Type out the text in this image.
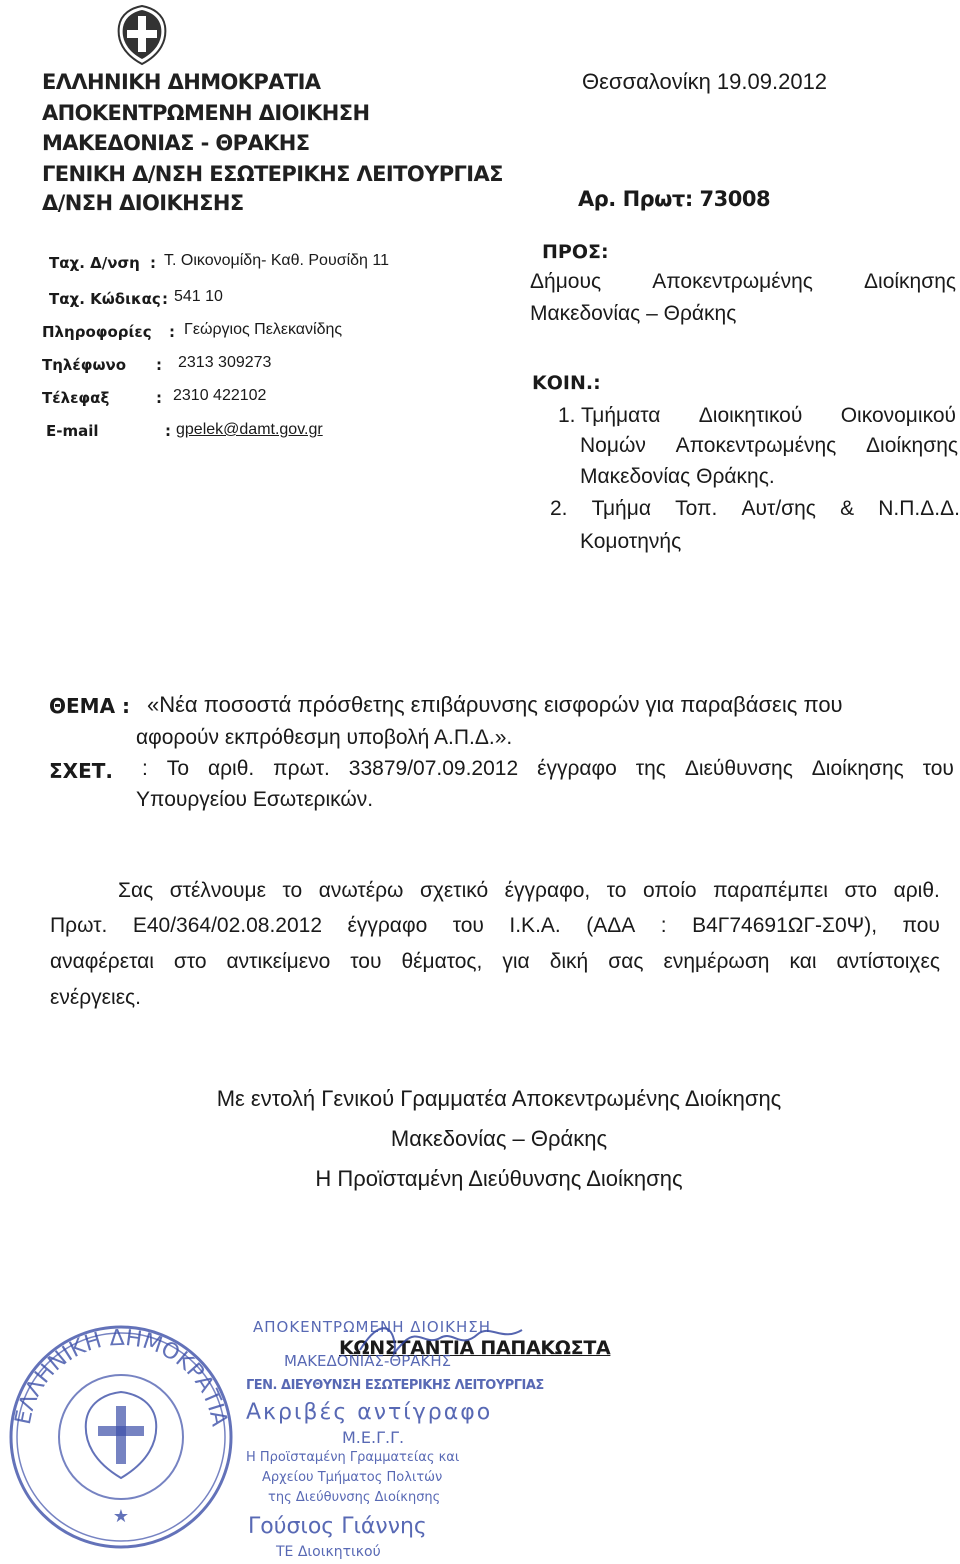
ΕΛΛΗΝΙΚΗ ΔΗΜΟΚΡΑΤΙΑ
ΑΠΟΚΕΝΤΡΩΜΕΝΗ ΔΙΟΙΚΗΣΗ
ΜΑΚΕΔΟΝΙΑΣ - ΘΡΑΚΗΣ
ΓΕΝΙΚΗ Δ/ΝΣΗ ΕΣΩΤΕΡΙΚΗΣ ΛΕΙΤΟΥΡΓΙΑΣ
Δ/ΝΣΗ ΔΙΟΙΚΗΣΗΣ
Θεσσαλονίκη 19.09.2012
Αρ. Πρωτ: 73008
Ταχ. Δ/νση : Τ. Οικονομίδη- Καθ. Ρουσίδη 11
Ταχ. Κώδικας : 541 10
Πληροφορίες : Γεώργιος Πελεκανίδης
Τηλέφωνο : 2313 309273
Τέλεφαξ	: 2310 422102
E-mail	: gpelek@damt.gov.gr
ΠΡΟΣ:
Δήμους Αποκεντρωμένης Διοίκησης
Μακεδονίας – Θράκης
ΚΟΙΝ.:
1. Τμήματα Διοικητικού Οικονομικού
Νομών Αποκεντρωμένης Διοίκησης
Μακεδονίας Θράκης.
2. Τμήμα Τοπ. Αυτ/σης & Ν.Π.Δ.Δ.
Κομοτηνής
ΘΕΜΑ : «Νέα ποσοστά πρόσθετης επιβάρυνσης εισφορών για παραβάσεις που
αφορούν εκπρόθεσμη υποβολή Α.Π.Δ.».
ΣΧΕΤ. : Το αριθ. πρωτ. 33879/07.09.2012 έγγραφο της Διεύθυνσης Διοίκησης του
Υπουργείου Εσωτερικών.
Σας στέλνουμε το ανωτέρω σχετικό έγγραφο, το οποίο παραπέμπει στο αριθ.
Πρωτ. Ε40/364/02.08.2012 έγγραφο του Ι.Κ.Α. (ΑΔΑ : Β4Γ74691ΩΓ-Σ0Ψ), που
αναφέρεται στο αντικείμενο του θέματος, για δική σας ενημέρωση και αντίστοιχες
ενέργειες.
Με εντολή Γενικού Γραμματέα Αποκεντρωμένης Διοίκησης
Μακεδονίας – Θράκης
Η Προϊσταμένη Διεύθυνσης Διοίκησης
ΚΩΝΣΤΑΝΤΙΑ ΠΑΠΑΚΩΣΤΑ
ΕΛΛΗΝΙΚΗ ΔΗΜΟΚΡΑΤΙΑ
★
ΑΠΟΚΕΝΤΡΩΜΕΝΗ ΔΙΟΙΚΗΣΗ
ΜΑΚΕΔΟΝΙΑΣ-ΘΡΑΚΗΣ
ΓΕΝ. ΔΙΕΥΘΥΝΣΗ ΕΣΩΤΕΡΙΚΗΣ ΛΕΙΤΟΥΡΓΙΑΣ
Ακριβές αντίγραφο
Μ.Ε.Γ.Γ.
Η Προϊσταμένη Γραμματείας και
Αρχείου Τμήματος Πολιτών
της Διεύθυνσης Διοίκησης
Γούσιος Γιάννης
ΤΕ Διοικητικού
